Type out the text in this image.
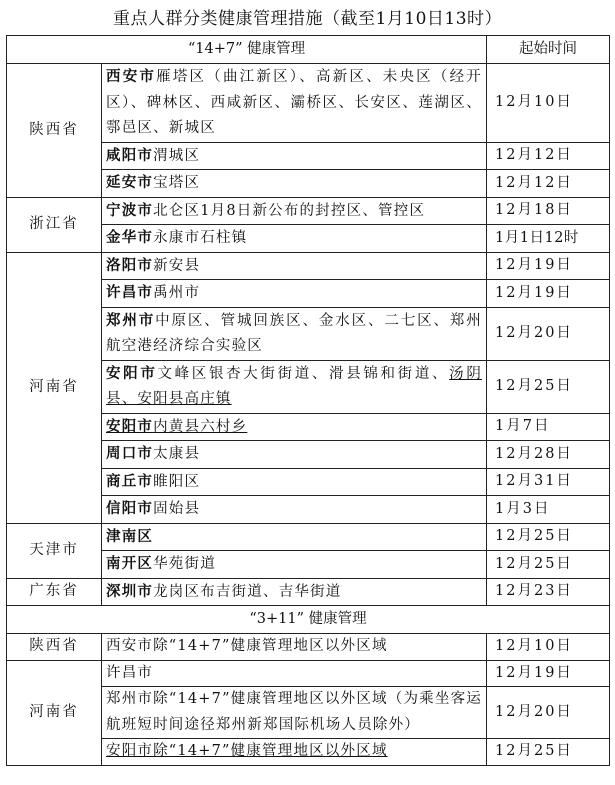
重点人群分类健康管理措施（截至1月10日13时）
“14+7” 健康管理		起始时间
陕西省	西安市雁塔区（曲江新区）、高新区、未央区（经开区）、碑林区、西咸新区、灞桥区、长安区、莲湖区、鄠邑区、新城区	12月10日
	咸阳市渭城区	12月12日
	延安市宝塔区	12月12日
浙江省	宁波市北仑区1月8日新公布的封控区、管控区	12月18日
	金华市永康市石柱镇	1月1日12时
河南省	洛阳市新安县	12月19日
	许昌市禹州市	12月19日
	郑州市中原区、管城回族区、金水区、二七区、郑州航空港经济综合实验区	12月20日
	安阳市文峰区银杏大街街道、滑县锦和街道、汤阴县、安阳县高庄镇	12月25日
	安阳市内黄县六村乡	1月7日
	周口市太康县	12月28日
	商丘市睢阳区	12月31日
	信阳市固始县	1月3日
天津市	津南区	12月25日
	南开区华苑街道	12月25日
广东省	深圳市龙岗区布吉街道、吉华街道	12月23日
“3+11” 健康管理		
陕西省	西安市除“14+7”健康管理地区以外区域	12月10日
河南省	许昌市	12月19日
	郑州市除“14+7”健康管理地区以外区域（为乘坐客运航班短时间途径郑州新郑国际机场人员除外）	12月20日
	安阳市除“14+7”健康管理地区以外区域	12月25日
